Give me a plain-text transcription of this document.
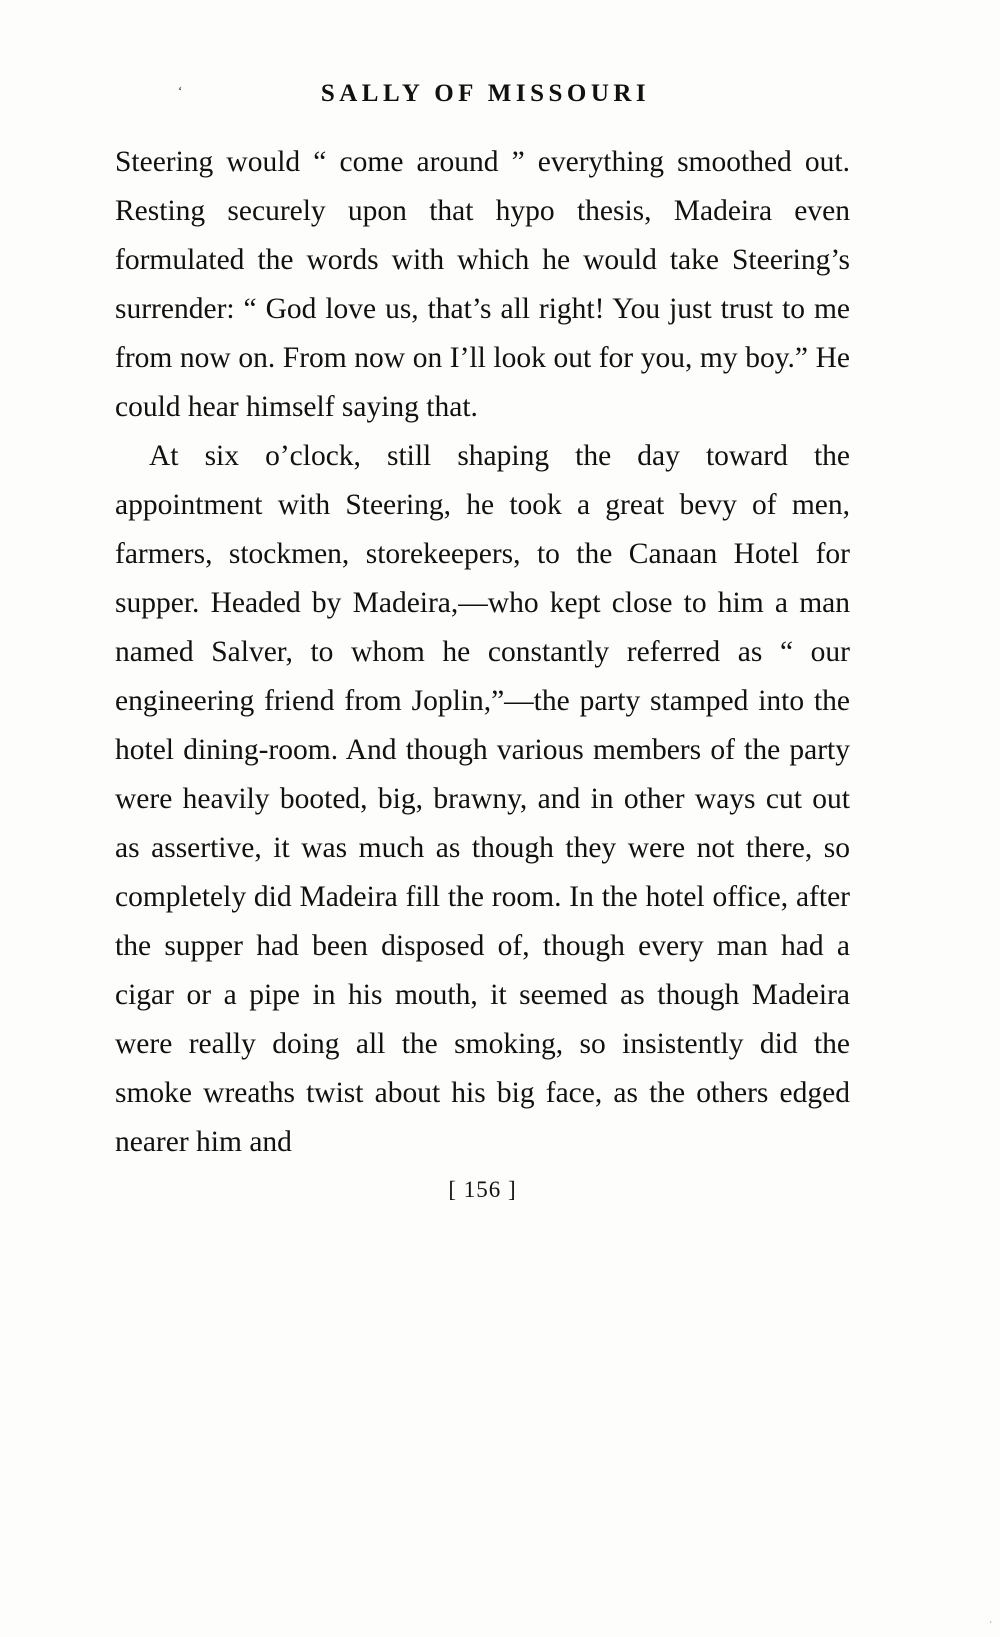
‘	SALLY OF MISSOURI

Steering would “ come around ” everything smoothed out. Resting securely upon that hypo thesis, Madeira even formulated the words with which he would take Steering’s surrender: “ God love us, that’s all right! You just trust to me from now on. From now on I’ll look out for you, my boy.” He could hear himself saying that.

At six o’clock, still shaping the day toward the appointment with Steering, he took a great bevy of men, farmers, stockmen, storekeepers, to the Canaan Hotel for supper. Headed by Madeira,—who kept close to him a man named Salver, to whom he constantly referred as “ our engineering friend from Joplin,”—the party stamped into the hotel dining-room. And though various members of the party were heavily booted, big, brawny, and in other ways cut out as assertive, it was much as though they were not there, so completely did Madeira fill the room. In the hotel office, after the supper had been disposed of, though every man had a cigar or a pipe in his mouth, it seemed as though Madeira were really doing all the smoking, so insistently did the smoke wreaths twist about his big face, as the others edged nearer him and

[ 156 ]
·
